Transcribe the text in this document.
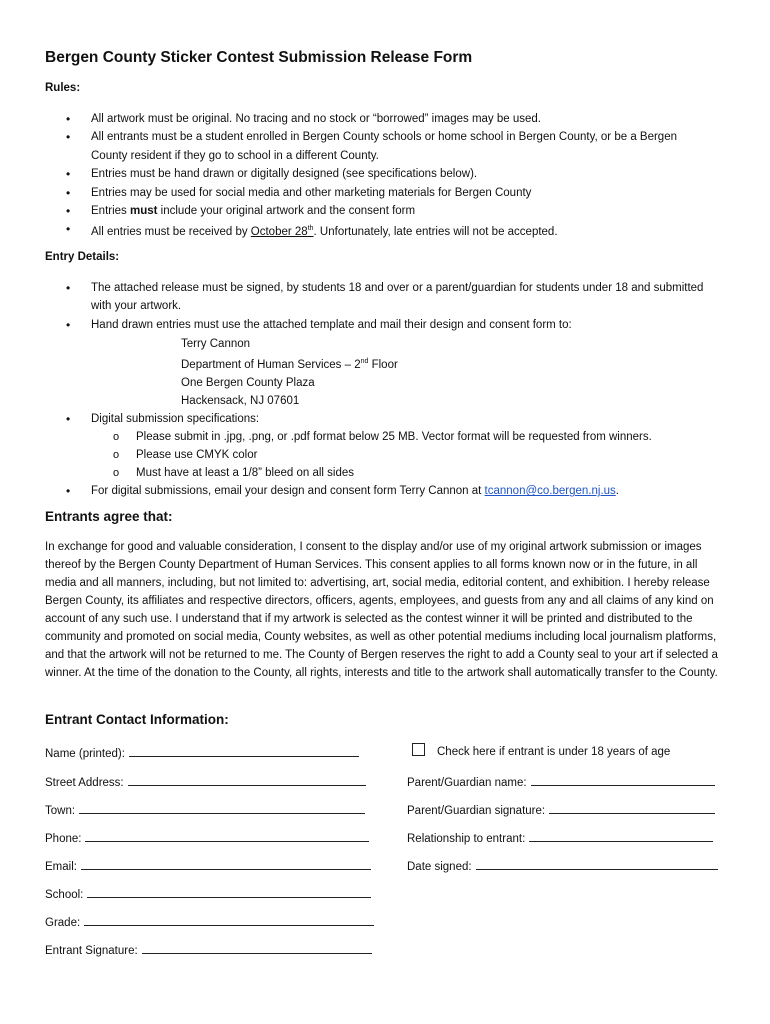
Bergen County Sticker Contest Submission Release Form
Rules:
• All artwork must be original. No tracing and no stock or “borrowed” images may be used.
• All entrants must be a student enrolled in Bergen County schools or home school in Bergen County, or be a Bergen County resident if they go to school in a different County.
• Entries must be hand drawn or digitally designed (see specifications below).
• Entries may be used for social media and other marketing materials for Bergen County
• Entries must include your original artwork and the consent form
• All entries must be received by October 28th. Unfortunately, late entries will not be accepted.
Entry Details:
• The attached release must be signed, by students 18 and over or a parent/guardian for students under 18 and submitted with your artwork.
• Hand drawn entries must use the attached template and mail their design and consent form to:
Terry Cannon
Department of Human Services – 2nd Floor
One Bergen County Plaza
Hackensack, NJ 07601
• Digital submission specifications:
o Please submit in .jpg, .png, or .pdf format below 25 MB. Vector format will be requested from winners.
o Please use CMYK color
o Must have at least a 1/8” bleed on all sides
• For digital submissions, email your design and consent form Terry Cannon at tcannon@co.bergen.nj.us.
Entrants agree that:
In exchange for good and valuable consideration, I consent to the display and/or use of my original artwork submission or images thereof by the Bergen County Department of Human Services. This consent applies to all forms known now or in the future, in all media and all manners, including, but not limited to: advertising, art, social media, editorial content, and exhibition. I hereby release Bergen County, its affiliates and respective directors, officers, agents, employees, and guests from any and all claims of any kind on account of any such use. I understand that if my artwork is selected as the contest winner it will be printed and distributed to the community and promoted on social media, County websites, as well as other potential mediums including local journalism platforms, and that the artwork will not be returned to me. The County of Bergen reserves the right to add a County seal to your art if selected a winner. At the time of the donation to the County, all rights, interests and title to the artwork shall automatically transfer to the County.
Entrant Contact Information:
Name (printed):
Street Address:
Town:
Phone:
Email:
School:
Grade:
Entrant Signature:
Check here if entrant is under 18 years of age
Parent/Guardian name:
Parent/Guardian signature:
Relationship to entrant:
Date signed:
